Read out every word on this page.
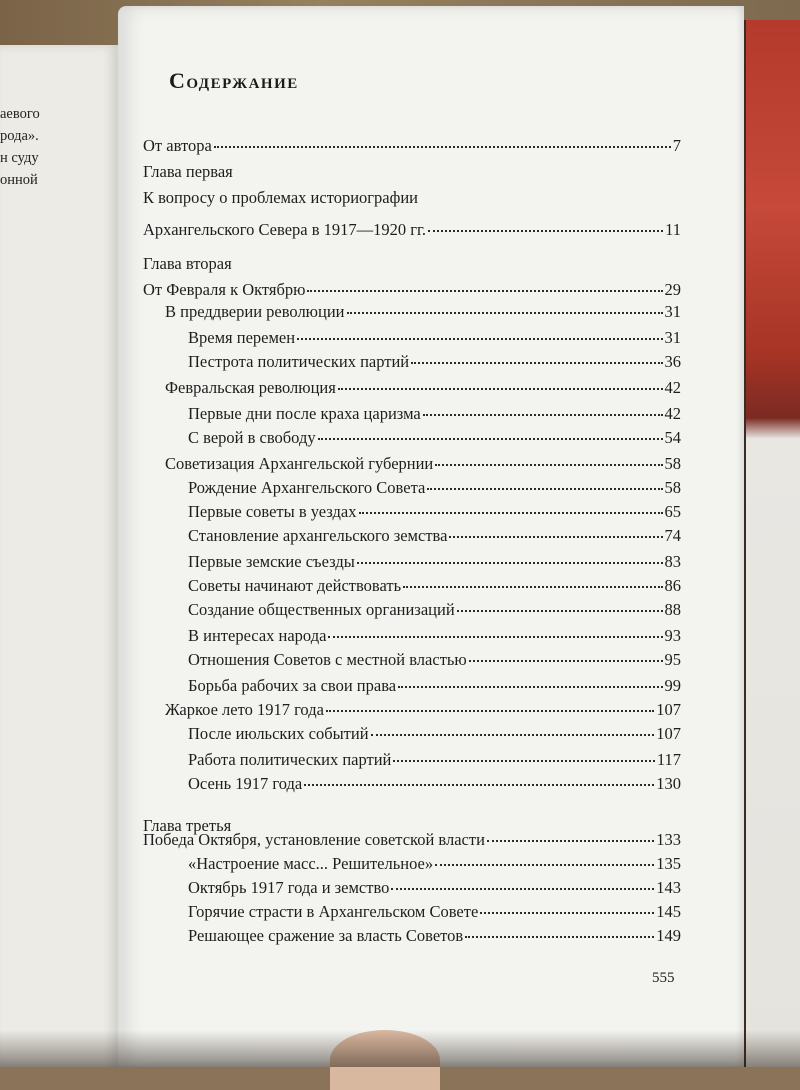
аевого
рода».
н суду
онной
Содержание
От автора	7
Глава первая
К вопросу о проблемах историографии
Архангельского Севера в 1917—1920 гг.	11
Глава вторая
От Февраля к Октябрю	29
В преддверии революции	31
Время перемен	31
Пестрота политических партий	36
Февральская революция	42
Первые дни после краха царизма	42
С верой в свободу	54
Советизация Архангельской губернии	58
Рождение Архангельского Совета	58
Первые советы в уездах	65
Становление архангельского земства	74
Первые земские съезды	83
Советы начинают действовать	86
Создание общественных организаций	88
В интересах народа	93
Отношения Советов с местной властью	95
Борьба рабочих за свои права	99
Жаркое лето 1917 года	107
После июльских событий	107
Работа политических партий	117
Осень 1917 года	130
Глава третья
Победа Октября, установление советской власти	133
«Настроение масс... Решительное»	135
Октябрь 1917 года и земство	143
Горячие страсти в Архангельском Совете	145
Решающее сражение за власть Советов	149
555
